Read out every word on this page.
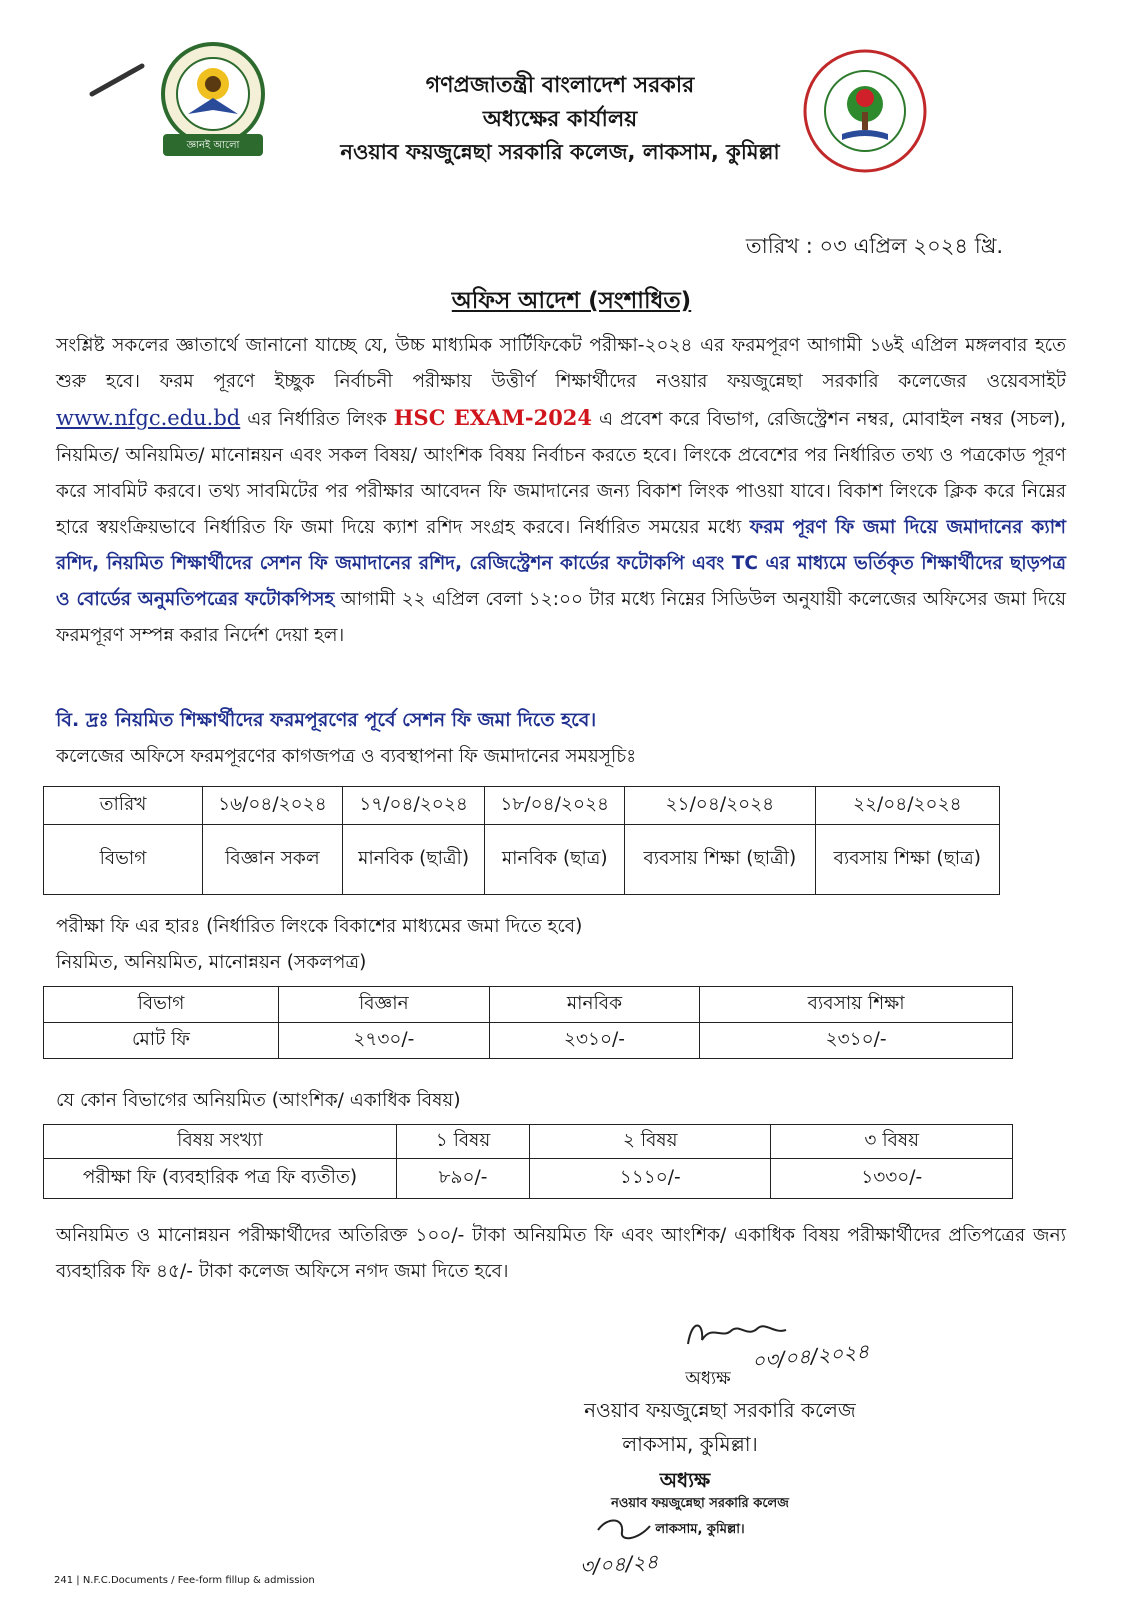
জ্ঞানই আলো
গণপ্রজাতন্ত্রী বাংলাদেশ সরকার
অধ্যক্ষের কার্যালয়
নওয়াব ফয়জুন্নেছা সরকারি কলেজ, লাকসাম, কুমিল্লা
তারিখ : ০৩ এপ্রিল ২০২৪ খ্রি.
অফিস আদেশ (সংশাধিত)
সংশ্লিষ্ট সকলের জ্ঞাতার্থে জানানো যাচ্ছে যে, উচ্চ মাধ্যমিক সার্টিফিকেট পরীক্ষা-২০২৪ এর ফরমপূরণ আগামী ১৬ই এপ্রিল মঙ্গলবার হতে শুরু হবে। ফরম পূরণে ইচ্ছুক নির্বাচনী পরীক্ষায় উত্তীর্ণ শিক্ষার্থীদের নওয়ার ফয়জুন্নেছা সরকারি কলেজের ওয়েবসাইট www.nfgc.edu.bd এর নির্ধারিত লিংক HSC EXAM-2024 এ প্রবেশ করে বিভাগ, রেজিস্ট্রেশন নম্বর, মোবাইল নম্বর (সচল), নিয়মিত/ অনিয়মিত/ মানোন্নয়ন এবং সকল বিষয়/ আংশিক বিষয় নির্বাচন করতে হবে। লিংকে প্রবেশের পর নির্ধারিত তথ্য ও পত্রকোড পূরণ করে সাবমিট করবে। তথ্য সাবমিটের পর পরীক্ষার আবেদন ফি জমাদানের জন্য বিকাশ লিংক পাওয়া যাবে। বিকাশ লিংকে ক্লিক করে নিম্নের হারে স্বয়ংক্রিয়ভাবে নির্ধারিত ফি জমা দিয়ে ক্যাশ রশিদ সংগ্রহ করবে। নির্ধারিত সময়ের মধ্যে ফরম পূরণ ফি জমা দিয়ে জমাদানের ক্যাশ রশিদ, নিয়মিত শিক্ষার্থীদের সেশন ফি জমাদানের রশিদ, রেজিস্ট্রেশন কার্ডের ফটোকপি এবং TC এর মাধ্যমে ভর্তিকৃত শিক্ষার্থীদের ছাড়পত্র ও বোর্ডের অনুমতিপত্রের ফটোকপিসহ আগামী ২২ এপ্রিল বেলা ১২:০০ টার মধ্যে নিম্নের সিডিউল অনুযায়ী কলেজের অফিসের জমা দিয়ে ফরমপূরণ সম্পন্ন করার নির্দেশ দেয়া হল।
বি. দ্রঃ নিয়মিত শিক্ষার্থীদের ফরমপূরণের পূর্বে সেশন ফি জমা দিতে হবে।
কলেজের অফিসে ফরমপূরণের কাগজপত্র ও ব্যবস্থাপনা ফি জমাদানের সময়সূচিঃ
তারিখ	১৬/০৪/২০২৪	১৭/০৪/২০২৪	১৮/০৪/২০২৪	২১/০৪/২০২৪	২২/০৪/২০২৪
বিভাগ	বিজ্ঞান সকল	মানবিক (ছাত্রী)	মানবিক (ছাত্র)	ব্যবসায় শিক্ষা (ছাত্রী)	ব্যবসায় শিক্ষা (ছাত্র)
পরীক্ষা ফি এর হারঃ (নির্ধারিত লিংকে বিকাশের মাধ্যমের জমা দিতে হবে)
নিয়মিত, অনিয়মিত, মানোন্নয়ন (সকলপত্র)
বিভাগ	বিজ্ঞান	মানবিক	ব্যবসায় শিক্ষা
মোট ফি	২৭৩০/-	২৩১০/-	২৩১০/-
যে কোন বিভাগের অনিয়মিত (আংশিক/ একাধিক বিষয়)
বিষয় সংখ্যা	১ বিষয়	২ বিষয়	৩ বিষয়
পরীক্ষা ফি (ব্যবহারিক পত্র ফি ব্যতীত)	৮৯০/-	১১১০/-	১৩৩০/-
অনিয়মিত ও মানোন্নয়ন পরীক্ষার্থীদের অতিরিক্ত ১০০/- টাকা অনিয়মিত ফি এবং আংশিক/ একাধিক বিষয় পরীক্ষার্থীদের প্রতিপত্রের জন্য ব্যবহারিক ফি ৪৫/- টাকা কলেজ অফিসে নগদ জমা দিতে হবে।
০৩/০৪/২০২৪
অধ্যক্ষ
নওয়াব ফয়জুন্নেছা সরকারি কলেজ
লাকসাম, কুমিল্লা।
অধ্যক্ষ
নওয়াব ফয়জুন্নেছা সরকারি কলেজ
লাকসাম, কুমিল্লা।
৩/০৪/২৪
241 | N.F.C.Documents / Fee-form fillup & admission
